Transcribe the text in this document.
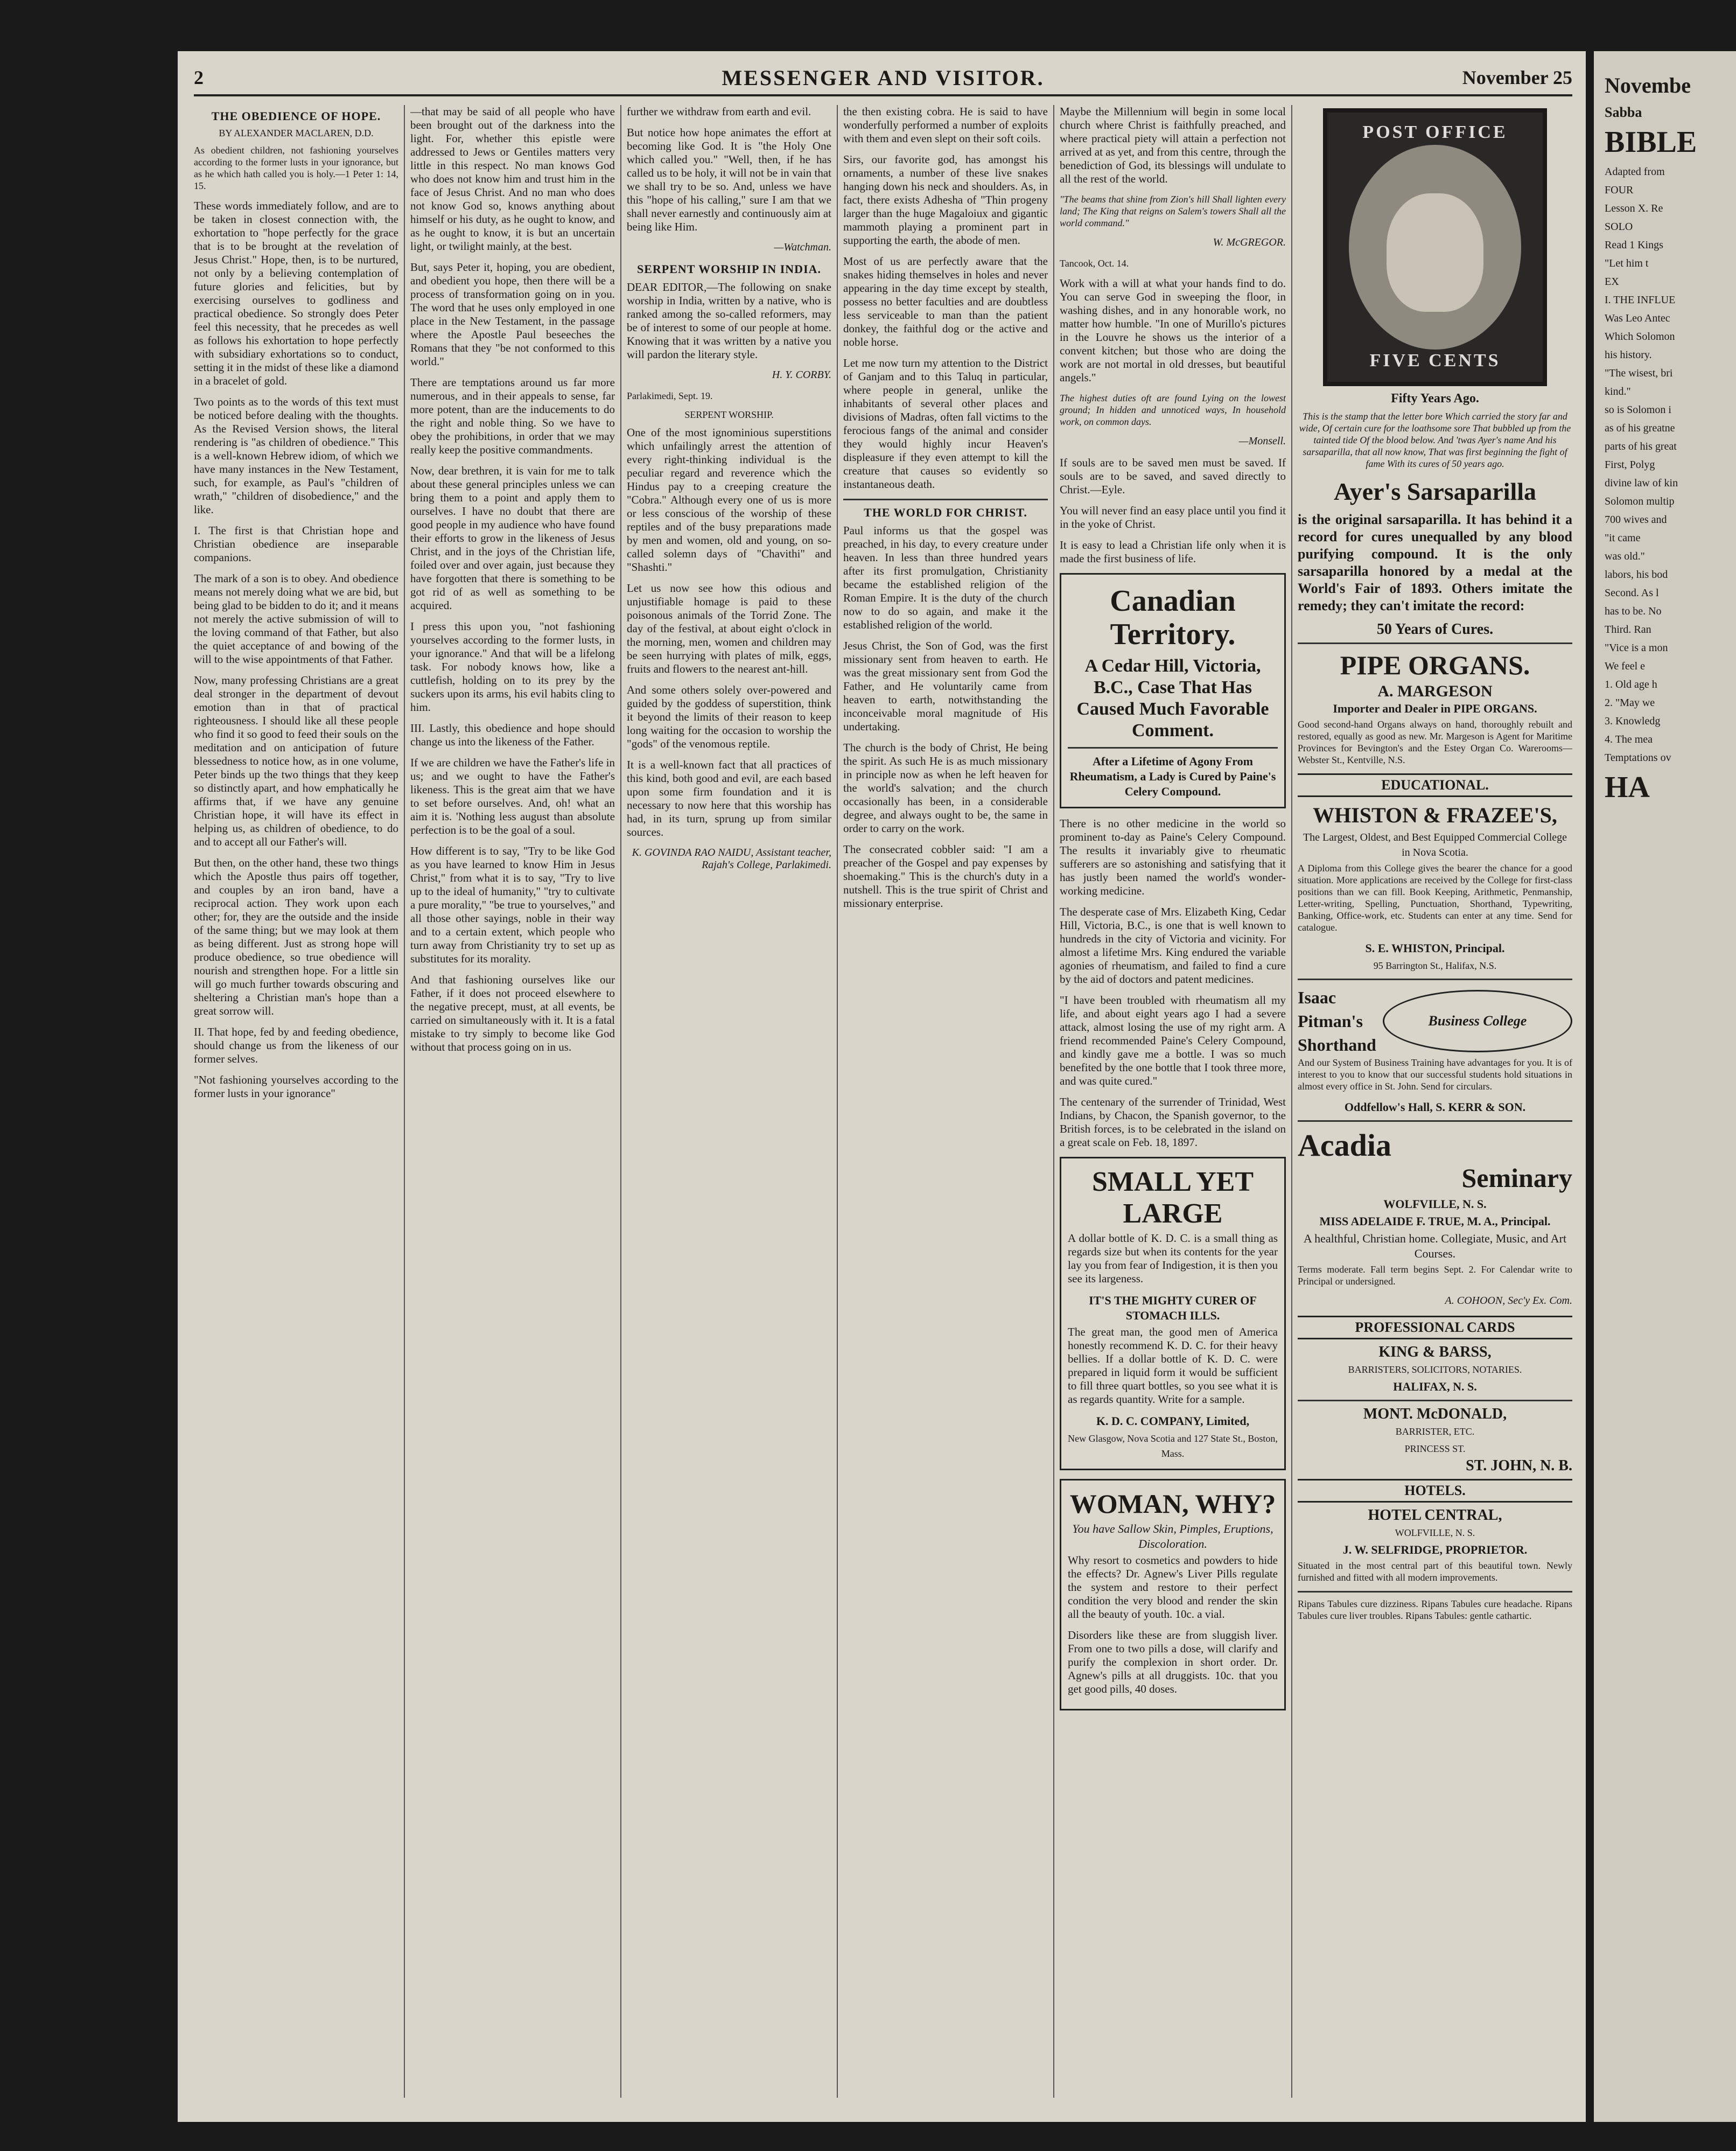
2	MESSENGER AND VISITOR.	November 25
THE OBEDIENCE OF HOPE.
BY ALEXANDER MACLAREN, D.D.

As obedient children, not fashioning yourselves according to the former lusts in your ignorance, but as he which hath called you is holy.—1 Peter 1: 14, 15.

These words immediately follow, and are to be taken in closest connection with, the exhortation to "hope perfectly for the grace that is to be brought at the revelation of Jesus Christ." Hope, then, is to be nurtured, not only by a believing contemplation of future glories and felicities, but by exercising ourselves to godliness and practical obedience. So strongly does Peter feel this necessity, that he precedes as well as follows his exhortation to hope perfectly with subsidiary exhortations so to conduct, setting it in the midst of these like a diamond in a bracelet of gold.

Two points as to the words of this text must be noticed before dealing with the thoughts. As the Revised Version shows, the literal rendering is "as children of obedience." This is a well-known Hebrew idiom, of which we have many instances in the New Testament, such, for example, as Paul's "children of wrath," "children of disobedience," and the like.

I. The first is that Christian hope and Christian obedience are inseparable companions.

The mark of a son is to obey. And obedience means not merely doing what we are bid, but being glad to be bidden to do it; and it means not merely the active submission of will to the loving command of that Father, but also the quiet acceptance of and bowing of the will to the wise appointments of that Father.

Now, many professing Christians are a great deal stronger in the department of devout emotion than in that of practical righteousness. I should like all these people who find it so good to feed their souls on the meditation and on anticipation of future blessedness to notice how, as in one volume, Peter binds up the two things that they keep so distinctly apart, and how emphatically he affirms that, if we have any genuine Christian hope, it will have its effect in helping us, as children of obedience, to do and to accept all our Father's will.

But then, on the other hand, these two things which the Apostle thus pairs off together, and couples by an iron band, have a reciprocal action. They work upon each other; for, they are the outside and the inside of the same thing; but we may look at them as being different. Just as strong hope will produce obedience, so true obedience will nourish and strengthen hope. For a little sin will go much further towards obscuring and sheltering a Christian man's hope than a great sorrow will.

II. That hope, fed by and feeding obedience, should change us from the likeness of our former selves.

"Not fashioning yourselves according to the former lusts in your ignorance"

—that may be said of all people who have been brought out of the darkness into the light. For, whether this epistle were addressed to Jews or Gentiles matters very little in this respect. No man knows God who does not know him and trust him in the face of Jesus Christ. And no man who does not know God so, knows anything about himself or his duty, as he ought to know, and as he ought to know, it is but an uncertain light, or twilight mainly, at the best.

But, says Peter it, hoping, you are obedient, and obedient you hope, then there will be a process of transformation going on in you. The word that he uses only employed in one place in the New Testament, in the passage where the Apostle Paul beseeches the Romans that they "be not conformed to this world."

There are temptations around us far more numerous, and in their appeals to sense, far more potent, than are the inducements to do the right and noble thing. So we have to obey the prohibitions, in order that we may really keep the positive commandments.

Now, dear brethren, it is vain for me to talk about these general principles unless we can bring them to a point and apply them to ourselves. I have no doubt that there are good people in my audience who have found their efforts to grow in the likeness of Jesus Christ, and in the joys of the Christian life, foiled over and over again, just because they have forgotten that there is something to be got rid of as well as something to be acquired.

I press this upon you, "not fashioning yourselves according to the former lusts, in your ignorance." And that will be a lifelong task. For nobody knows how, like a cuttlefish, holding on to its prey by the suckers upon its arms, his evil habits cling to him.

III. Lastly, this obedience and hope should change us into the likeness of the Father.

If we are children we have the Father's life in us; and we ought to have the Father's likeness. This is the great aim that we have to set before ourselves. And, oh! what an aim it is. 'Nothing less august than absolute perfection is to be the goal of a soul.

How different is to say, "Try to be like God as you have learned to know Him in Jesus Christ," from what it is to say, "Try to live up to the ideal of humanity," "try to cultivate a pure morality," "be true to yourselves," and all those other sayings, noble in their way and to a certain extent, which people who turn away from Christianity try to set up as substitutes for its morality.

And that fashioning ourselves like our Father, if it does not proceed elsewhere to the negative precept, must, at all events, be carried on simultaneously with it. It is a fatal mistake to try simply to become like God without that process going on in us.

further we withdraw from earth and evil.

But notice how hope animates the effort at becoming like God. It is "the Holy One which called you." "Well, then, if he has called us to be holy, it will not be in vain that we shall try to be so. And, unless we have this "hope of his calling," sure I am that we shall never earnestly and continuously aim at being like Him.

—Watchman.
SERPENT WORSHIP IN INDIA.

DEAR EDITOR,—The following on snake worship in India, written by a native, who is ranked among the so-called reformers, may be of interest to some of our people at home. Knowing that it was written by a native you will pardon the literary style.

H. Y. CORBY.

Parlakimedi, Sept. 19.

SERPENT WORSHIP.

One of the most ignominious superstitions which unfailingly arrest the attention of every right-thinking individual is the peculiar regard and reverence which the Hindus pay to a creeping creature the "Cobra." Although every one of us is more or less conscious of the worship of these reptiles and of the busy preparations made by men and women, old and young, on so-called solemn days of "Chavithi" and "Shashti."

Let us now see how this odious and unjustifiable homage is paid to these poisonous animals of the Torrid Zone. The day of the festival, at about eight o'clock in the morning, men, women and children may be seen hurrying with plates of milk, eggs, fruits and flowers to the nearest ant-hill.

And some others solely over-powered and guided by the goddess of superstition, think it beyond the limits of their reason to keep long waiting for the occasion to worship the "gods" of the venomous reptile.

It is a well-known fact that all practices of this kind, both good and evil, are each based upon some firm foundation and it is necessary to now here that this worship has had, in its turn, sprung up from similar sources.

K. GOVINDA RAO NAIDU, Assistant teacher, Rajah's College, Parlakimedi.

the then existing cobra. He is said to have wonderfully performed a number of exploits with them and even slept on their soft coils.

Sirs, our favorite god, has amongst his ornaments, a number of these live snakes hanging down his neck and shoulders. As, in fact, there exists Adhesha of "Thin progeny larger than the huge Magaloiux and gigantic mammoth playing a prominent part in supporting the earth, the abode of men.

Most of us are perfectly aware that the snakes hiding themselves in holes and never appearing in the day time except by stealth, possess no better faculties and are doubtless less serviceable to man than the patient donkey, the faithful dog or the active and noble horse.

Let me now turn my attention to the District of Ganjam and to this Taluq in particular, where people in general, unlike the inhabitants of several other places and divisions of Madras, often fall victims to the ferocious fangs of the animal and consider they would highly incur Heaven's displeasure if they even attempt to kill the creature that causes so evidently so instantaneous death.

THE WORLD FOR CHRIST.

Paul informs us that the gospel was preached, in his day, to every creature under heaven. In less than three hundred years after its first promulgation, Christianity became the established religion of the Roman Empire. It is the duty of the church now to do so again, and make it the established religion of the world.

Jesus Christ, the Son of God, was the first missionary sent from heaven to earth. He was the great missionary sent from God the Father, and He voluntarily came from heaven to earth, notwithstanding the inconceivable moral magnitude of His undertaking.

The church is the body of Christ, He being the spirit. As such He is as much missionary in principle now as when he left heaven for the world's salvation; and the church occasionally has been, in a considerable degree, and always ought to be, the same in order to carry on the work.

The consecrated cobbler said: "I am a preacher of the Gospel and pay expenses by shoemaking." This is the church's duty in a nutshell. This is the true spirit of Christ and missionary enterprise.

Maybe the Millennium will begin in some local church where Christ is faithfully preached, and where practical piety will attain a perfection not arrived at as yet, and from this centre, through the benediction of God, its blessings will undulate to all the rest of the world.

"The beams that shine from Zion's hill Shall lighten every land; The King that reigns on Salem's towers Shall all the world command."

W. McGREGOR.

Tancook, Oct. 14.

Work with a will at what your hands find to do. You can serve God in sweeping the floor, in washing dishes, and in any honorable work, no matter how humble. "In one of Murillo's pictures in the Louvre he shows us the interior of a convent kitchen; but those who are doing the work are not mortal in old dresses, but beautiful angels."

The highest duties oft are found Lying on the lowest ground; In hidden and unnoticed ways, In household work, on common days.

—Monsell.

If souls are to be saved men must be saved. If souls are to be saved, and saved directly to Christ.—Eyle.

You will never find an easy place until you find it in the yoke of Christ.

It is easy to lead a Christian life only when it is made the first business of life.

Canadian Territory.
A Cedar Hill, Victoria, B.C., Case That Has Caused Much Favorable Comment.
After a Lifetime of Agony From Rheumatism, a Lady is Cured by Paine's Celery Compound.

There is no other medicine in the world so prominent to-day as Paine's Celery Compound. The results it invariably give to rheumatic sufferers are so astonishing and satisfying that it has justly been named the world's wonder-working medicine.

The desperate case of Mrs. Elizabeth King, Cedar Hill, Victoria, B.C., is one that is well known to hundreds in the city of Victoria and vicinity. For almost a lifetime Mrs. King endured the variable agonies of rheumatism, and failed to find a cure by the aid of doctors and patent medicines.

"I have been troubled with rheumatism all my life, and about eight years ago I had a severe attack, almost losing the use of my right arm. A friend recommended Paine's Celery Compound, and kindly gave me a bottle. I was so much benefited by the one bottle that I took three more, and was quite cured."

The centenary of the surrender of Trinidad, West Indians, by Chacon, the Spanish governor, to the British forces, is to be celebrated in the island on a great scale on Feb. 18, 1897.

SMALL YET LARGE

A dollar bottle of K. D. C. is a small thing as regards size but when its contents for the year lay you from fear of Indigestion, it is then you see its largeness.

IT'S THE MIGHTY CURER OF STOMACH ILLS.

The great man, the good men of America honestly recommend K. D. C. for their heavy bellies. If a dollar bottle of K. D. C. were prepared in liquid form it would be sufficient to fill three quart bottles, so you see what it is as regards quantity. Write for a sample.

K. D. C. COMPANY, Limited,
New Glasgow, Nova Scotia and 127 State St., Boston, Mass.
WOMAN, WHY?
You have Sallow Skin, Pimples, Eruptions, Discoloration.

Why resort to cosmetics and powders to hide the effects? Dr. Agnew's Liver Pills regulate the system and restore to their perfect condition the very blood and render the skin all the beauty of youth. 10c. a vial.

Disorders like these are from sluggish liver. From one to two pills a dose, will clarify and purify the complexion in short order. Dr. Agnew's pills at all druggists. 10c. that you get good pills, 40 doses.

POST OFFICE
FIVE CENTS
Fifty Years Ago.

This is the stamp that the letter bore Which carried the story far and wide, Of certain cure for the loathsome sore That bubbled up from the tainted tide Of the blood below. And 'twas Ayer's name And his sarsaparilla, that all now know, That was first beginning the fight of fame With its cures of 50 years ago.

Ayer's Sarsaparilla

is the original sarsaparilla. It has behind it a record for cures unequalled by any blood purifying compound. It is the only sarsaparilla honored by a medal at the World's Fair of 1893. Others imitate the remedy; they can't imitate the record:

50 Years of Cures.
PIPE ORGANS.
A. MARGESON
Importer and Dealer in PIPE ORGANS.

Good second-hand Organs always on hand, thoroughly rebuilt and restored, equally as good as new. Mr. Margeson is Agent for Maritime Provinces for Bevington's and the Estey Organ Co. Warerooms—Webster St., Kentville, N.S.

EDUCATIONAL.
WHISTON & FRAZEE'S,
The Largest, Oldest, and Best Equipped Commercial College in Nova Scotia.

A Diploma from this College gives the bearer the chance for a good situation. More applications are received by the College for first-class positions than we can fill. Book Keeping, Arithmetic, Penmanship, Letter-writing, Spelling, Punctuation, Shorthand, Typewriting, Banking, Office-work, etc. Students can enter at any time. Send for catalogue.

S. E. WHISTON, Principal.
95 Barrington St., Halifax, N.S.
Isaac
Pitman's
Shorthand
Business College

And our System of Business Training have advantages for you. It is of interest to you to know that our successful students hold situations in almost every office in St. John. Send for circulars.

Oddfellow's Hall, S. KERR & SON.
Acadia
Seminary
WOLFVILLE, N. S.
MISS ADELAIDE F. TRUE, M. A., Principal.
A healthful, Christian home. Collegiate, Music, and Art Courses.

Terms moderate. Fall term begins Sept. 2. For Calendar write to Principal or undersigned.

A. COHOON, Sec'y Ex. Com.
PROFESSIONAL CARDS
KING & BARSS,
BARRISTERS, SOLICITORS, NOTARIES.
HALIFAX, N. S.
MONT. McDONALD,
BARRISTER, ETC.
PRINCESS ST.
ST. JOHN, N. B.
HOTELS.
HOTEL CENTRAL,
WOLFVILLE, N. S.
J. W. SELFRIDGE, PROPRIETOR.

Situated in the most central part of this beautiful town. Newly furnished and fitted with all modern improvements.

Ripans Tabules cure dizziness. Ripans Tabules cure headache. Ripans Tabules cure liver troubles. Ripans Tabules: gentle cathartic.

Novembe
Sabba
BIBLE
Adapted from
FOUR
Lesson X. Re
SOLO
Read 1 Kings
"Let him t
EX
I. THE INFLUE
Was Leo Antec
Which Solomon
his history.
"The wisest, bri
kind."
so is Solomon i
as of his greatne
parts of his great
First, Polyg
divine law of kin
Solomon multip
700 wives and
"it came
was old."
labors, his bod
Second. As l
has to be. No
Third. Ran
"Vice is a mon
We feel e
1. Old age h
2. "May we
3. Knowledg
4. The mea
Temptations ov
HA
